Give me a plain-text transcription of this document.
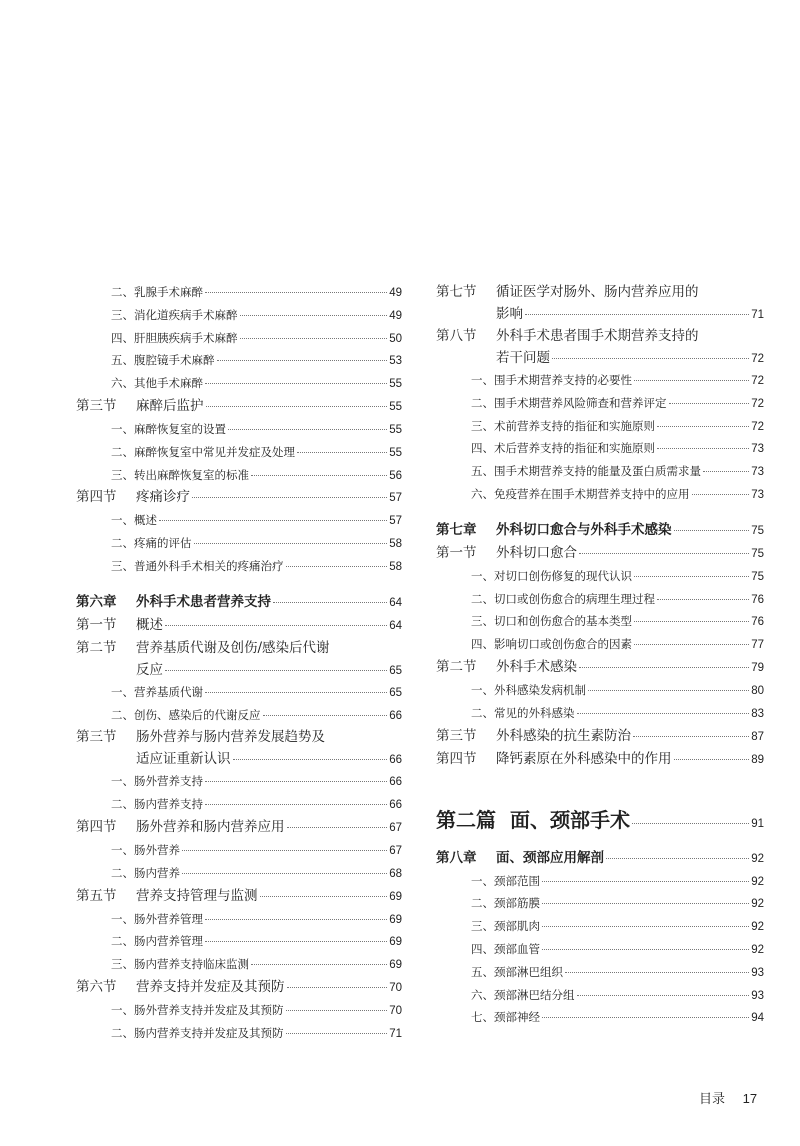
二、 乳腺手术麻醉	49
三、 消化道疾病手术麻醉	49
四、 肝胆胰疾病手术麻醉	50
五、 腹腔镜手术麻醉	53
六、 其他手术麻醉	55
第三节	麻醉后监护	55
一、 麻醉恢复室的设置	55
二、 麻醉恢复室中常见并发症及处理	55
三、 转出麻醉恢复室的标准	56
第四节	疼痛诊疗	57
一、 概述	57
二、 疼痛的评估	58
三、 普通外科手术相关的疼痛治疗	58
第六章	外科手术患者营养支持	64
第一节	概述	64
第二节	营养基质代谢及创伤/感染后代谢
反应	65
一、 营养基质代谢	65
二、 创伤、感染后的代谢反应	66
第三节	肠外营养与肠内营养发展趋势及
适应证重新认识	66
一、 肠外营养支持	66
二、 肠内营养支持	66
第四节	肠外营养和肠内营养应用	67
一、 肠外营养	67
二、 肠内营养	68
第五节	营养支持管理与监测	69
一、 肠外营养管理	69
二、 肠内营养管理	69
三、 肠内营养支持临床监测	69
第六节	营养支持并发症及其预防	70
一、 肠外营养支持并发症及其预防	70
二、 肠内营养支持并发症及其预防	71
第七节	循证医学对肠外、肠内营养应用的
影响	71
第八节	外科手术患者围手术期营养支持的
若干问题	72
一、 围手术期营养支持的必要性	72
二、 围手术期营养风险筛查和营养评定	72
三、 术前营养支持的指征和实施原则	72
四、 术后营养支持的指征和实施原则	73
五、 围手术期营养支持的能量及蛋白质需求量	73
六、 免疫营养在围手术期营养支持中的应用	73
第七章	外科切口愈合与外科手术感染	75
第一节	外科切口愈合	75
一、 对切口创伤修复的现代认识	75
二、 切口或创伤愈合的病理生理过程	76
三、 切口和创伤愈合的基本类型	76
四、 影响切口或创伤愈合的因素	77
第二节	外科手术感染	79
一、 外科感染发病机制	80
二、 常见的外科感染	83
第三节	外科感染的抗生素防治	87
第四节	降钙素原在外科感染中的作用	89
第二篇 面、颈部手术	91
第八章	面、颈部应用解剖	92
一、 颈部范围	92
二、 颈部筋膜	92
三、 颈部肌肉	92
四、 颈部血管	92
五、 颈部淋巴组织	93
六、 颈部淋巴结分组	93
七、 颈部神经	94
目录 17
